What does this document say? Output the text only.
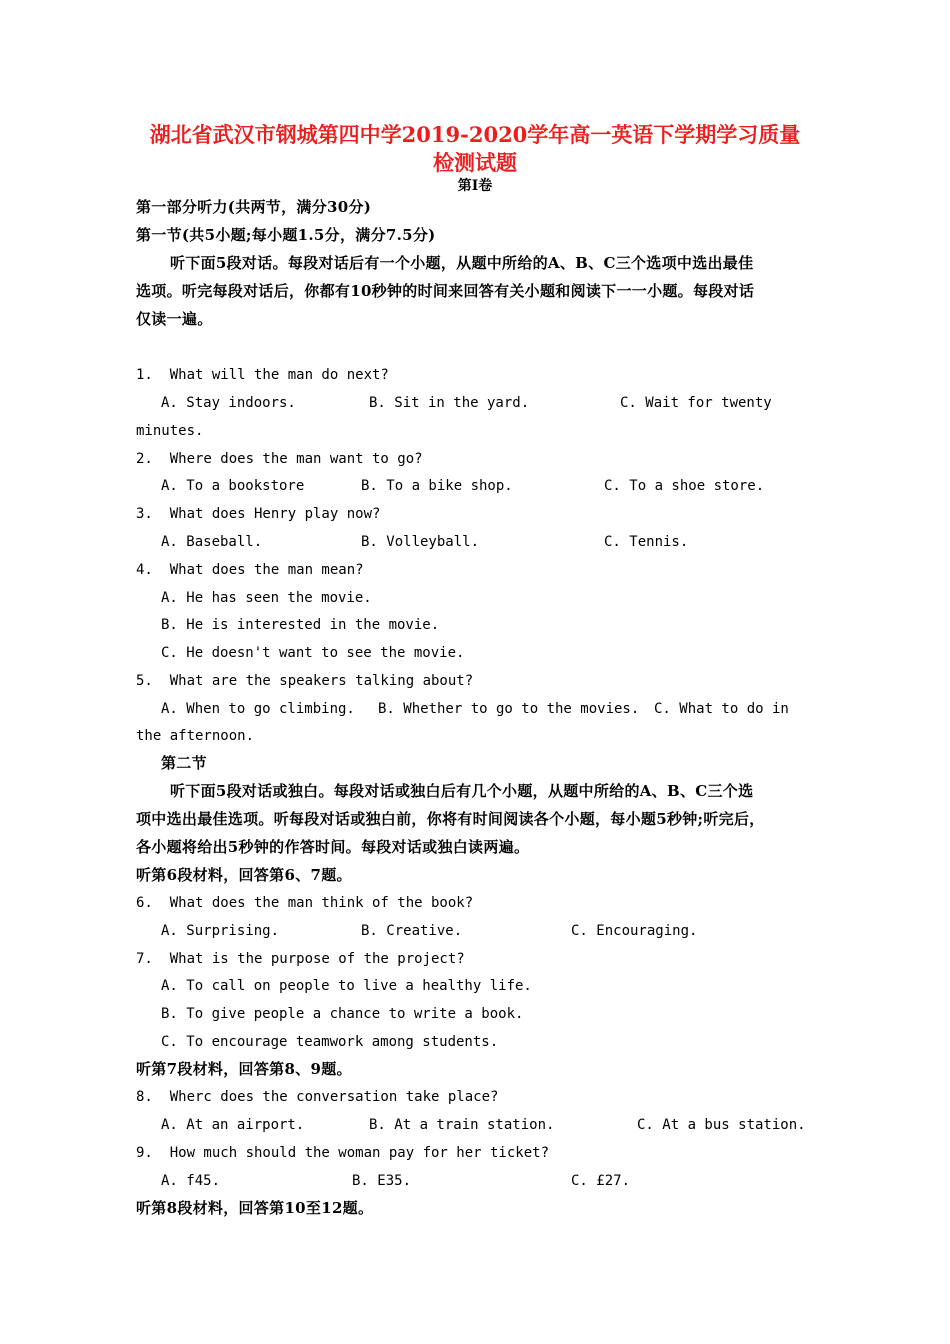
湖北省武汉市钢城第四中学2019-2020学年高一英语下学期学习质量
检测试题
第I卷
第一部分听力(共两节，满分30分)
第一节(共5小题;每小题1.5分，满分7.5分)
听下面5段对话。每段对话后有一个小题，从题中所给的A、B、C三个选项中选出最佳
选项。听完每段对话后，你都有10秒钟的时间来回答有关小题和阅读下一一小题。每段对话
仅读一遍。
1.  What will the man do next?
A. Stay indoors.	B. Sit in the yard.	C. Wait for twenty
minutes.
2.  Where does the man want to go?
A. To a bookstore	B. To a bike shop.	C. To a shoe store.
3.  What does Henry play now?
A. Baseball.	B. Volleyball.	C. Tennis.
4.  What does the man mean?
A. He has seen the movie.
B. He is interested in the movie.
C. He doesn't want to see the movie.
5.  What are the speakers talking about?
A. When to go climbing. B. Whether to go to the movies. C. What to do in
the afternoon.
第二节
听下面5段对话或独白。每段对话或独白后有几个小题，从题中所给的A、B、C三个选
项中选出最佳选项。听每段对话或独白前，你将有时间阅读各个小题，每小题5秒钟;听完后，
各小题将给出5秒钟的作答时间。每段对话或独白读两遍。
听第6段材料，回答第6、7题。
6.  What does the man think of the book?
A. Surprising.	B. Creative.	C. Encouraging.
7.  What is the purpose of the project?
A. To call on people to live a healthy life.
B. To give people a chance to write a book.
C. To encourage teamwork among students.
听第7段材料，回答第8、9题。
8.  Wherc does the conversation take place?
A. At an airport.	B. At a train station.	C. At a bus station.
9.  How much should the woman pay for her ticket?
A. f45.	B. E35.	C. £27.
听第8段材料，回答第10至12题。
